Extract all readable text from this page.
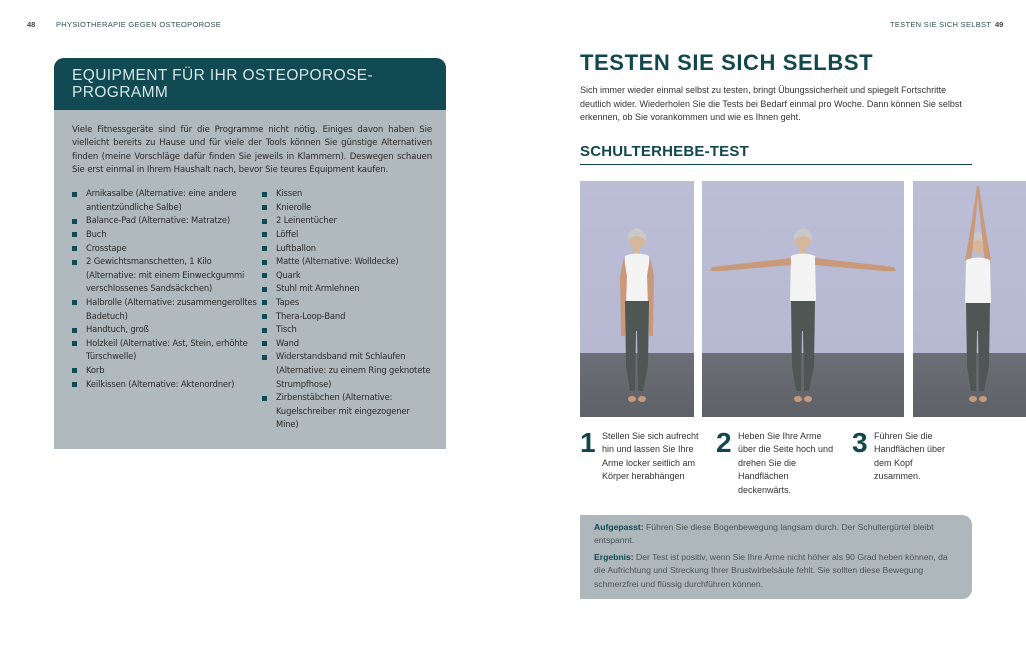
48	PHYSIOTHERAPIE GEGEN OSTEOPOROSE
EQUIPMENT FÜR IHR OSTEOPOROSE-
PROGRAMM

Viele Fitnessgeräte sind für die Programme nicht nötig. Einiges davon haben Sie vielleicht bereits zu Hause und für viele der Tools können Sie günstige Alternativen finden (meine Vorschläge dafür finden Sie jeweils in Klammern). Deswegen schauen Sie erst einmal in Ihrem Haushalt nach, bevor Sie teures Equipment kaufen.

Arnikasalbe (Alternative: eine andere antientzündliche Salbe)
Balance-Pad (Alternative: Matratze)
Buch
Crosstape
2 Gewichtsmanschetten, 1 Kilo (Alternative: mit einem Einweckgummi verschlossenes Sandsäckchen)
Halbrolle (Alternative: zusammengerolltes Badetuch)
Handtuch, groß
Holzkeil (Alternative: Ast, Stein, erhöhte Türschwelle)
Korb
Keilkissen (Alternative: Aktenordner)
Kissen
Knierolle
2 Leinentücher
Löffel
Luftballon
Matte (Alternative: Wolldecke)
Quark
Stuhl mit Armlehnen
Tapes
Thera-Loop-Band
Tisch
Wand
Widerstandsband mit Schlaufen (Alternative: zu einem Ring geknotete Strumpfhose)
Zirbenstäbchen (Alternative: Kugelschreiber mit eingezogener Mine)
TESTEN SIE SICH SELBST 49
TESTEN SIE SICH SELBST

Sich immer wieder einmal selbst zu testen, bringt Übungssicherheit und spiegelt Fortschritte deutlich wider. Wiederholen Sie die Tests bei Bedarf einmal pro Woche. Dann können Sie selbst erkennen, ob Sie vorankommen und wie es Ihnen geht.

SCHULTERHEBE-TEST
1 Stellen Sie sich aufrecht hin und lassen Sie Ihre Arme locker seitlich am Körper herabhängen
2 Heben Sie Ihre Arme über die Seite hoch und drehen Sie die Handflächen deckenwärts.
3 Führen Sie die Handflächen über dem Kopf zusammen.

Aufgepasst: Führen Sie diese Bogenbewegung langsam durch. Der Schultergürtel bleibt entspannt.

Ergebnis: Der Test ist positiv, wenn Sie Ihre Arme nicht höher als 90 Grad heben können, da die Aufrichtung und Streckung Ihrer Brustwirbelsäule fehlt. Sie sollten diese Bewegung schmerzfrei und flüssig durchführen können.
